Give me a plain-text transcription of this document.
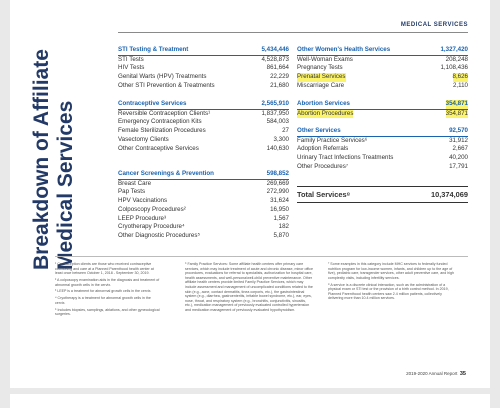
Breakdown of Affiliate Medical Services
MEDICAL SERVICES
STI Testing & Treatment	5,434,446
STI Tests	4,528,873
HIV Tests	861,664
Genital Warts (HPV) Treatments	22,229
Other STI Prevention & Treatments	21,680
Contraceptive Services	2,565,910
Reversible Contraception Clients¹	1,837,950
Emergency Contraception Kits	584,003
Female Sterilization Procedures	27
Vasectomy Clients	3,300
Other Contraceptive Services	140,630
Cancer Screenings & Prevention	598,852
Breast Care	269,669
Pap Tests	272,990
HPV Vaccinations	31,624
Colposcopy Procedures²	16,950
LEEP Procedure³	1,567
Cryotherapy Procedure⁴	182
Other Diagnostic Procedures⁵	5,870
Other Women's Health Services	1,327,420
Well-Woman Exams	208,248
Pregnancy Tests	1,108,436
Prenatal Services	8,626
Miscarriage Care	2,110
Abortion Services	354,871
Abortion Procedures	354,871
Other Services	92,570
Family Practice Services⁶	31,912
Adoption Referrals	2,667
Urinary Tract Infections Treatments	40,200
Other Procedures⁷	17,791
Total Services⁸	10,374,069

¹ Contraception clients are those who received contraceptive counseling and care at a Planned Parenthood health center at least once between October 1, 2018 - September 30, 2019.

² A colposcopy examination aids in the diagnosis and treatment of abnormal growth cells in the cervix.

³ LEEP is a treatment for abnormal growth cells in the cervix.

⁴ Cryotherapy is a treatment for abnormal growth cells in the cervix.

⁵ Includes biopsies, samplings, ablations, and other gynecological surgeries.

⁶ Family Practice Services: Some affiliate health centers offer primary care services, which may include treatment of acute and chronic disease, minor office procedures, evaluations for referral to specialists, authorization for hospital care, health assessments, and well-persona/well-child preventive maintenance. Other affiliate health centers provide limited Family Practice Services, which may include assessment and management of uncomplicated conditions related to the skin (e.g., acne, contact dermatitis, tinea corporis, etc.), the gastrointestinal system (e.g., diarrhea, gastroenteritis, irritable bowel syndrome, etc.), ear, eyes, nose, throat, and respiratory system (e.g., bronchitis, conjunctivitis, sinusitis, etc.), medication management of previously evaluated controlled hypertension and medication management of previously evaluated hypothyroidism.

⁷ Some examples in this category include MHC services to federally funded nutrition program for low-income women, infants, and children up to the age of five), pediatric care, transgender services, other adult preventive care, and high complexity visits, including infertility services.

⁸ A service is a discrete clinical interaction, such as the administration of a physical exam or STI test or the provision of a birth control method. In 2019, Planned Parenthood health centers saw 2.4 million patients, collectively delivering more than 10.4 million services.

2019-2020 Annual Report 35
